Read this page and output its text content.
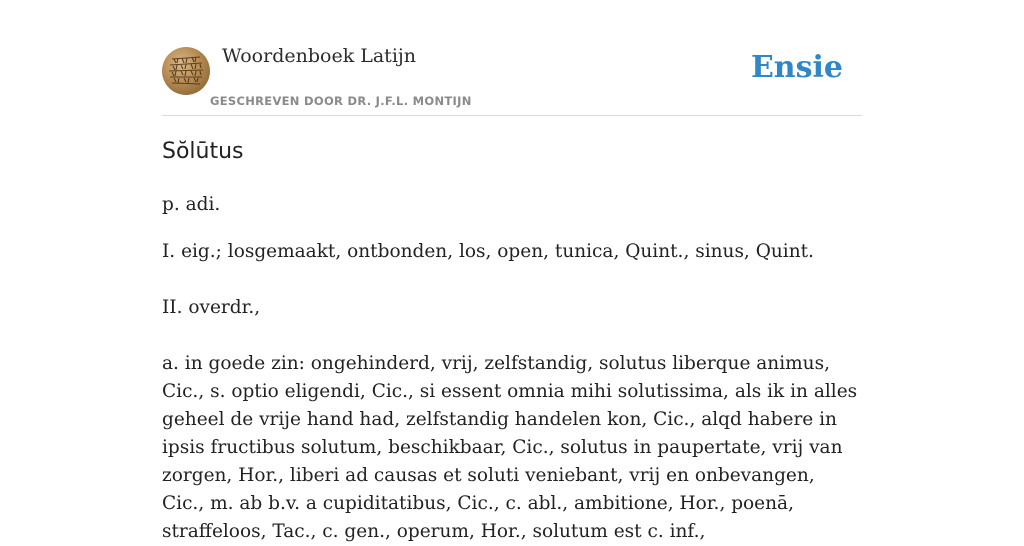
Woordenboek Latijn
GESCHREVEN DOOR DR. J.F.L. MONTIJN
Ensie
Sŏlūtus

p. adi.

I. eig.; losgemaakt, ontbonden, los, open, tunica, Quint., sinus, Quint.

II. overdr.,

a. in goede zin: ongehinderd, vrij, zelfstandig, solutus liberque animus, Cic., s. optio eligendi, Cic., si essent omnia mihi solutissima, als ik in alles geheel de vrije hand had, zelfstandig handelen kon, Cic., alqd habere in ipsis fructibus solutum, beschikbaar, Cic., solutus in paupertate, vrij van zorgen, Hor., liberi ad causas et soluti veniebant, vrij en onbevangen, Cic., m. ab b.v. a cupiditatibus, Cic., c. abl., ambitione, Hor., poenā, straffeloos, Tac., c. gen., operum, Hor., solutum est c. inf.,
